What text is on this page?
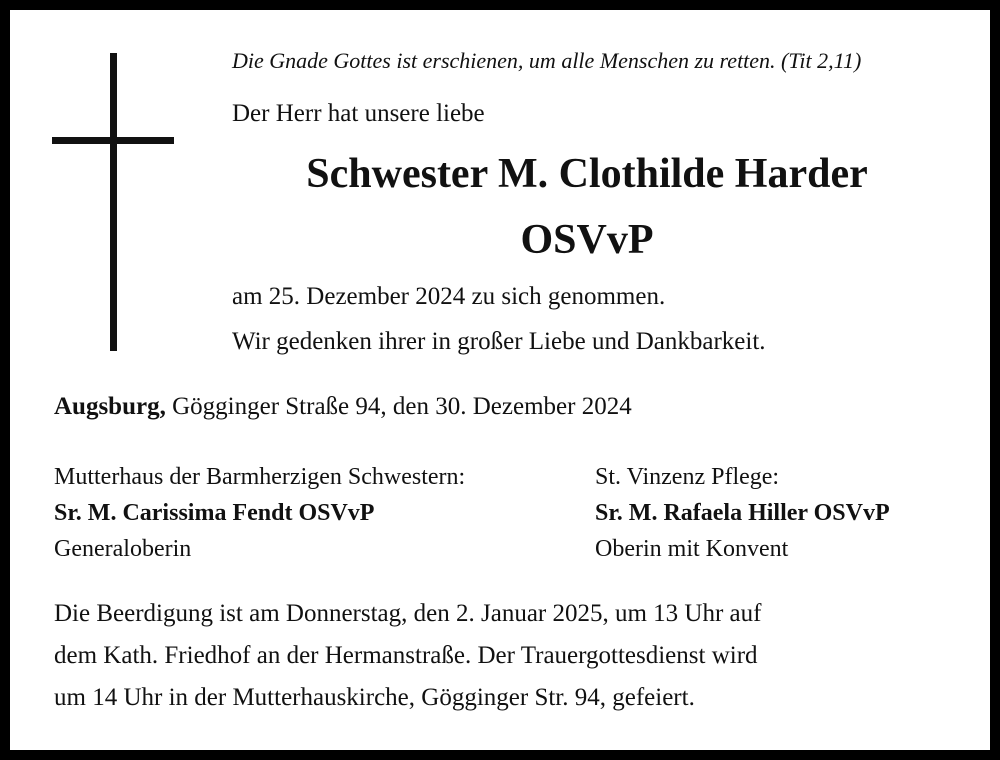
Die Gnade Gottes ist erschienen, um alle Menschen zu retten. (Tit 2,11)
Der Herr hat unsere liebe
Schwester M. Clothilde Harder
OSVvP
am 25. Dezember 2024 zu sich genommen.
Wir gedenken ihrer in großer Liebe und Dankbarkeit.
Augsburg, Gögginger Straße 94, den 30. Dezember 2024
Mutterhaus der Barmherzigen Schwestern:
Sr. M. Carissima Fendt OSVvP
Generaloberin
St. Vinzenz Pflege:
Sr. M. Rafaela Hiller OSVvP
Oberin mit Konvent
Die Beerdigung ist am Donnerstag, den 2. Januar 2025, um 13 Uhr auf
dem Kath. Friedhof an der Hermanstraße. Der Trauergottesdienst wird
um 14 Uhr in der Mutterhauskirche, Gögginger Str. 94, gefeiert.
